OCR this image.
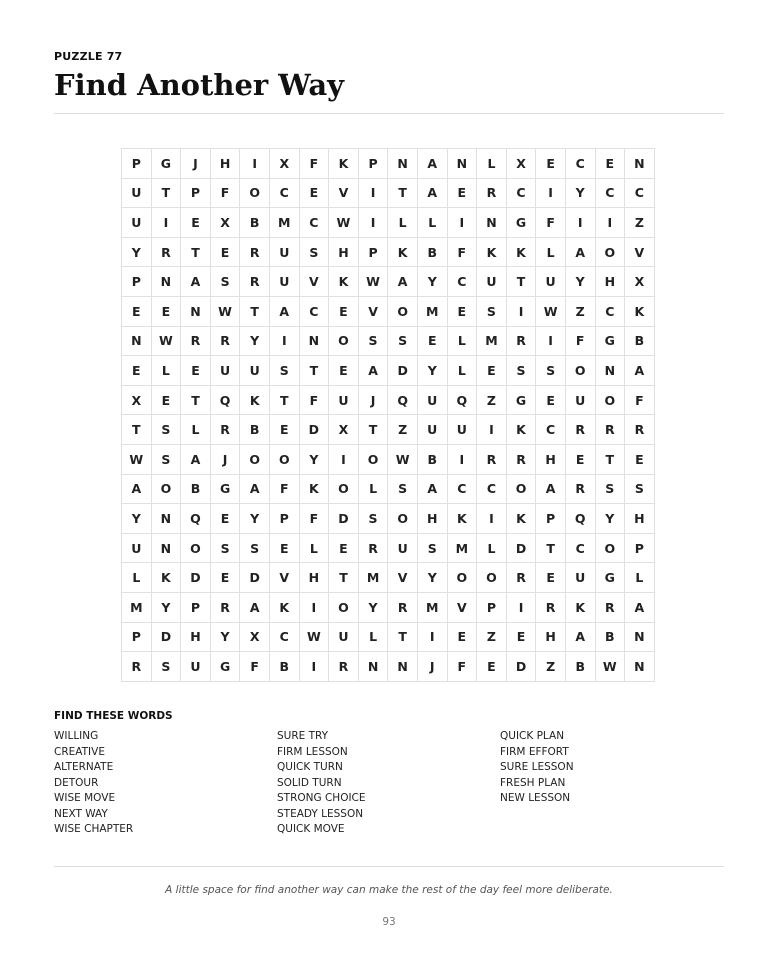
PUZZLE 77
Find Another Way
P	G	J	H	I	X	F	K	P	N	A	N	L	X	E	C	E	N
U	T	P	F	O	C	E	V	I	T	A	E	R	C	I	Y	C	C
U	I	E	X	B	M	C	W	I	L	L	I	N	G	F	I	I	Z
Y	R	T	E	R	U	S	H	P	K	B	F	K	K	L	A	O	V
P	N	A	S	R	U	V	K	W	A	Y	C	U	T	U	Y	H	X
E	E	N	W	T	A	C	E	V	O	M	E	S	I	W	Z	C	K
N	W	R	R	Y	I	N	O	S	S	E	L	M	R	I	F	G	B
E	L	E	U	U	S	T	E	A	D	Y	L	E	S	S	O	N	A
X	E	T	Q	K	T	F	U	J	Q	U	Q	Z	G	E	U	O	F
T	S	L	R	B	E	D	X	T	Z	U	U	I	K	C	R	R	R
W	S	A	J	O	O	Y	I	O	W	B	I	R	R	H	E	T	E
A	O	B	G	A	F	K	O	L	S	A	C	C	O	A	R	S	S
Y	N	Q	E	Y	P	F	D	S	O	H	K	I	K	P	Q	Y	H
U	N	O	S	S	E	L	E	R	U	S	M	L	D	T	C	O	P
L	K	D	E	D	V	H	T	M	V	Y	O	O	R	E	U	G	L
M	Y	P	R	A	K	I	O	Y	R	M	V	P	I	R	K	R	A
P	D	H	Y	X	C	W	U	L	T	I	E	Z	E	H	A	B	N
R	S	U	G	F	B	I	R	N	N	J	F	E	D	Z	B	W	N
FIND THESE WORDS
WILLING
CREATIVE
ALTERNATE
DETOUR
WISE MOVE
NEXT WAY
WISE CHAPTER
SURE TRY
FIRM LESSON
QUICK TURN
SOLID TURN
STRONG CHOICE
STEADY LESSON
QUICK MOVE
QUICK PLAN
FIRM EFFORT
SURE LESSON
FRESH PLAN
NEW LESSON
A little space for find another way can make the rest of the day feel more deliberate.
93
